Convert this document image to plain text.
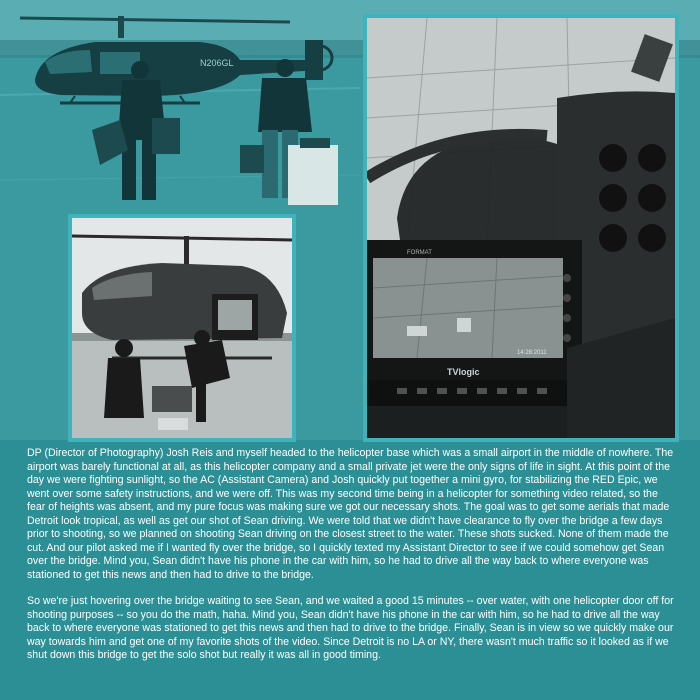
N206GL
FORMAT
14:28:2011
TVlogic

DP (Director of Photography) Josh Reis and myself headed to the helicopter base which was a small airport in the middle of nowhere. The airport was barely functional at all, as this helicopter company and a small private jet were the only signs of life in sight. At this point of the day we were fighting sunlight, so the AC (Assistant Camera) and Josh quickly put together a mini gyro, for stabilizing the RED Epic, we went over some safety instructions, and we were off. This was my second time being in a helicopter for something video related, so the fear of heights was absent, and my pure focus was making sure we got our necessary shots. The goal was to get some aerials that made Detroit look tropical, as well as get our shot of Sean driving. We were told that we didn't have clearance to fly over the bridge a few days prior to shooting, so we planned on shooting Sean driving on the closest street to the water. These shots sucked. None of them made the cut. And our pilot asked me if I wanted fly over the bridge, so I quickly texted my Assistant Director to see if we could somehow get Sean over the bridge. Mind you, Sean didn't have his phone in the car with him, so he had to drive all the way back to where everyone was stationed to get this news and then had to drive to the bridge.

So we're just hovering over the bridge waiting to see Sean, and we waited a good 15 minutes -- over water, with one helicopter door off for shooting purposes -- so you do the math, haha. Mind you, Sean didn't have his phone in the car with him, so he had to drive all the way back to where everyone was stationed to get this news and then had to drive to the bridge. Finally, Sean is in view so we quickly make our way towards him and get one of my favorite shots of the video. Since Detroit is no LA or NY, there wasn't much traffic so it looked as if we shut down this bridge to get the solo shot but really it was all in good timing.
